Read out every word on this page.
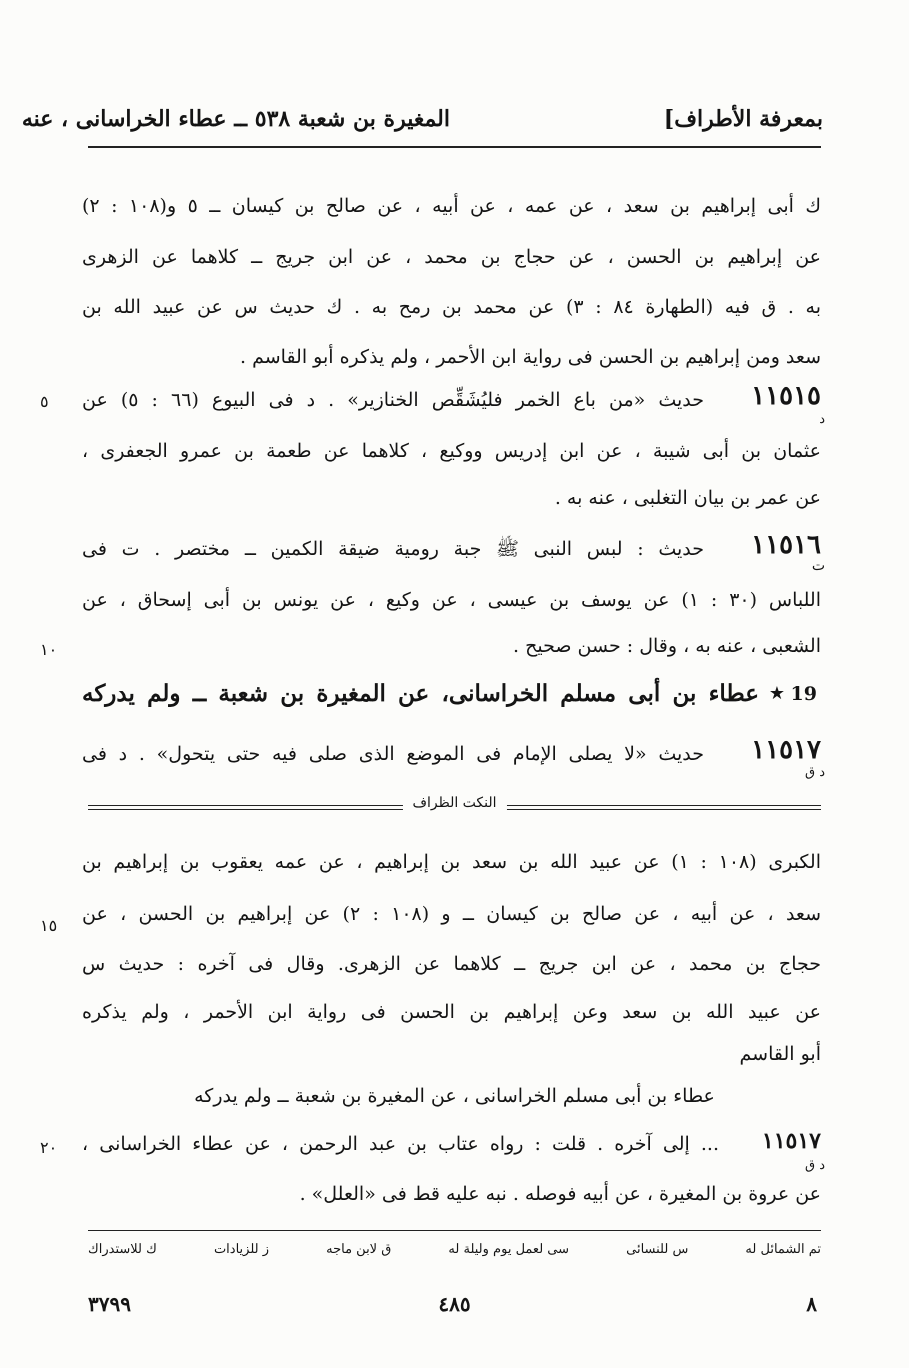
المغيرة بن شعبة ٥٣٨ ــ عطاء الخراسانى ، عنه	بمعرفة الأطراف]
ك أبى إبراهيم بن سعد ، عن عمه ، عن أبيه ، عن صالح بن كيسان ــ ٥ و(١٠٨ : ٢)
عن إبراهيم بن الحسن ، عن حجاج بن محمد ، عن ابن جريج ــ كلاهما عن الزهرى
به . ق فيه (الطهارة ٨٤ : ٣) عن محمد بن رمح به . ك حديث س عن عبيد الله بن
سعد ومن إبراهيم بن الحسن فى رواية ابن الأحمر ، ولم يذكره أبو القاسم .
١١٥١٥
د
حديث «من باع الخمر فليُشَقِّص الخنازير» . د فى البيوع (٦٦ : ٥) عن
عثمان بن أبى شيبة ، عن ابن إدريس ووكيع ، كلاهما عن طعمة بن عمرو الجعفرى ،
عن عمر بن بيان التغلبى ، عنه به .
٥
١١٥١٦
ت
حديث : لبس النبى ﷺ جبة رومية ضيقة الكمين ــ مختصر . ت فى
اللباس (٣٠ : ١) عن يوسف بن عيسى ، عن وكيع ، عن يونس بن أبى إسحاق ، عن
الشعبى ، عنه به ، وقال : حسن صحيح .
١٠
19
★
عطاء بن أبى مسلم الخراسانى، عن المغيرة بن شعبة ــ ولم يدركه
١١٥١٧
د ق
حديث «لا يصلى الإمام فى الموضع الذى صلى فيه حتى يتحول» . د فى
النكت الظراف
الكبرى (١٠٨ : ١) عن عبيد الله بن سعد بن إبراهيم ، عن عمه يعقوب بن إبراهيم بن
سعد ، عن أبيه ، عن صالح بن كيسان ــ و (١٠٨ : ٢) عن إبراهيم بن الحسن ، عن
حجاج بن محمد ، عن ابن جريج ــ كلاهما عن الزهرى. وقال فى آخره : حديث س
عن عبيد الله بن سعد وعن إبراهيم بن الحسن فى رواية ابن الأحمر ، ولم يذكره
أبو القاسم
١٥
عطاء بن أبى مسلم الخراسانى ، عن المغيرة بن شعبة ــ ولم يدركه
١١٥١٧
د ق
... إلى آخره . قلت : رواه عتاب بن عبد الرحمن ، عن عطاء الخراسانى ،
عن عروة بن المغيرة ، عن أبيه فوصله . نبه عليه قط فى «العلل» .
٢٠
تم الشمائل له
س للنسائى
سى لعمل يوم وليلة له
ق لابن ماجه
ز للزيادات
ك للاستدراك
٣٧٩٩	٤٨٥	٨
